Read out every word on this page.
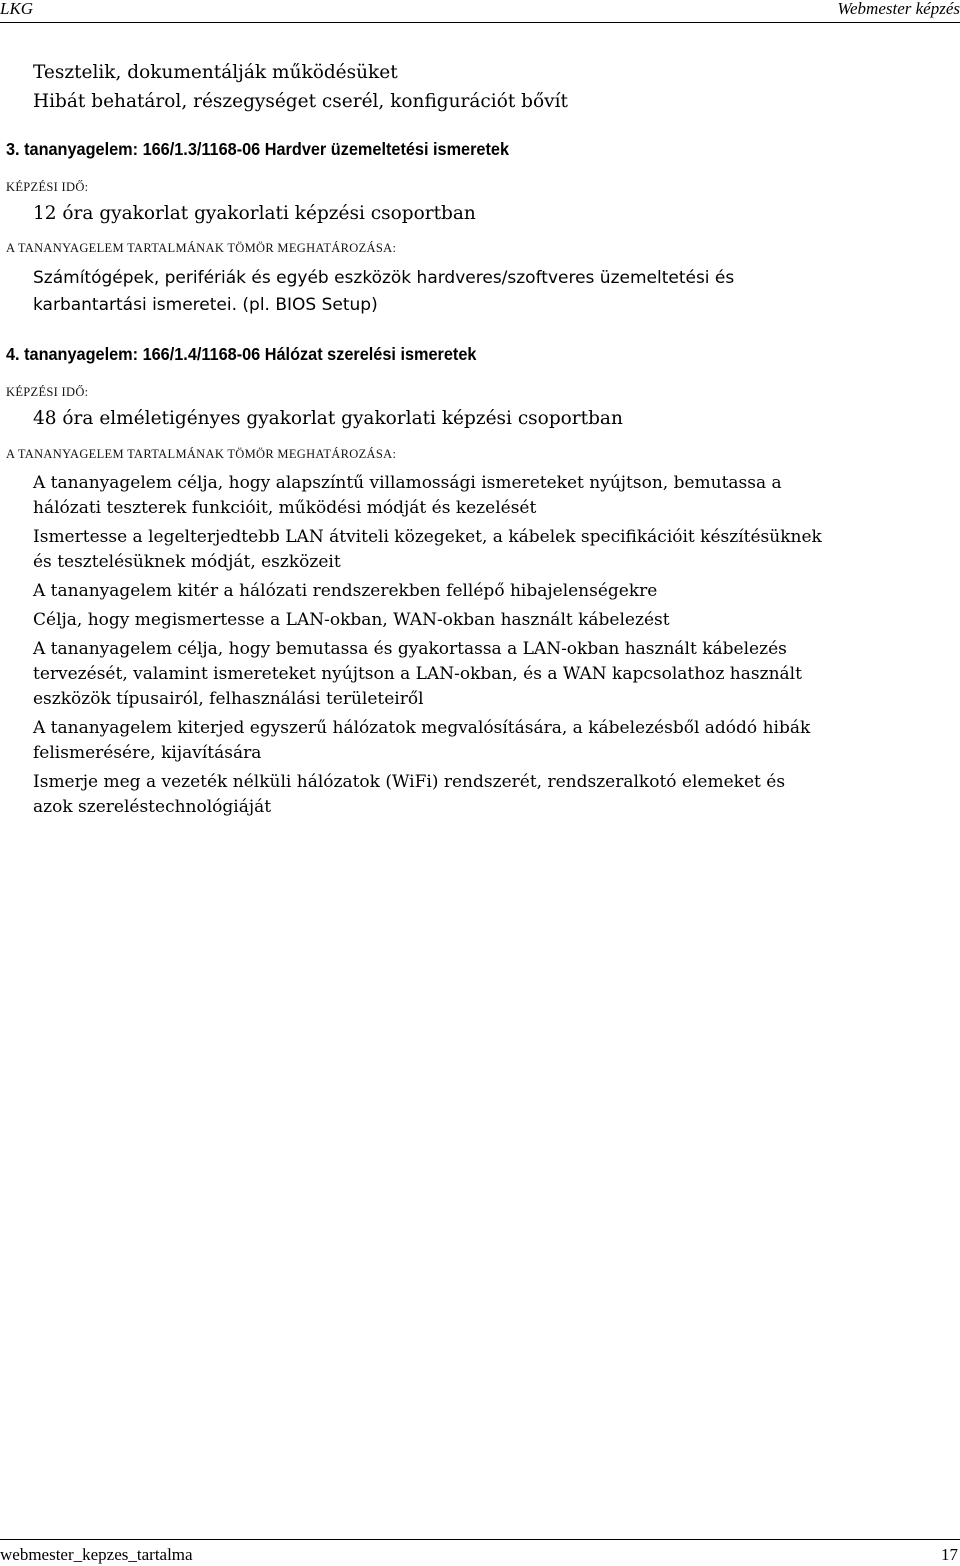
LKG	Webmester képzés
Tesztelik, dokumentálják működésüket
Hibát behatárol, részegységet cserél, konfigurációt bővít
3. tananyagelem: 166/1.3/1168-06 Hardver üzemeltetési ismeretek
KÉPZÉSI IDŐ:
12 óra gyakorlat gyakorlati képzési csoportban
A TANANYAGELEM TARTALMÁNAK TÖMÖR MEGHATÁROZÁSA:
Számítógépek, perifériák és egyéb eszközök hardveres/szoftveres üzemeltetési és
karbantartási ismeretei. (pl. BIOS Setup)
4. tananyagelem: 166/1.4/1168-06 Hálózat szerelési ismeretek
KÉPZÉSI IDŐ:
48 óra elméletigényes gyakorlat gyakorlati képzési csoportban
A TANANYAGELEM TARTALMÁNAK TÖMÖR MEGHATÁROZÁSA:
A tananyagelem célja, hogy alapszíntű villamossági ismereteket nyújtson, bemutassa a
hálózati teszterek funkcióit, működési módját és kezelését
Ismertesse a legelterjedtebb LAN átviteli közegeket, a kábelek specifikációit készítésüknek
és tesztelésüknek módját, eszközeit
A tananyagelem kitér a hálózati rendszerekben fellépő hibajelenségekre
Célja, hogy megismertesse a LAN-okban, WAN-okban használt kábelezést
A tananyagelem célja, hogy bemutassa és gyakortassa a LAN-okban használt kábelezés
tervezését, valamint ismereteket nyújtson a LAN-okban, és a WAN kapcsolathoz használt
eszközök típusairól, felhasználási területeiről
A tananyagelem kiterjed egyszerű hálózatok megvalósítására, a kábelezésből adódó hibák
felismerésére, kijavítására
Ismerje meg a vezeték nélküli hálózatok (WiFi) rendszerét, rendszeralkotó elemeket és
azok szereléstechnológiáját
webmester_kepzes_tartalma	17
